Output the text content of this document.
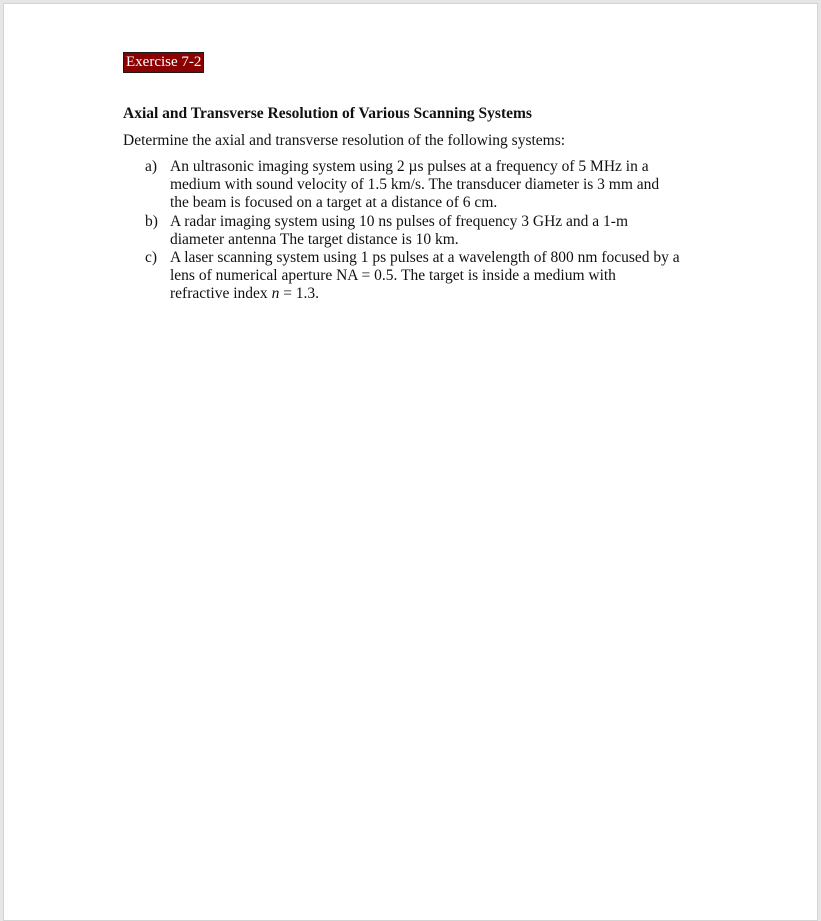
Exercise 7-2
Axial and Transverse Resolution of Various Scanning Systems
Determine the axial and transverse resolution of the following systems:
a) An ultrasonic imaging system using 2 µs pulses at a frequency of 5 MHz in a
medium with sound velocity of 1.5 km/s. The transducer diameter is 3 mm and
the beam is focused on a target at a distance of 6 cm.
b) A radar imaging system using 10 ns pulses of frequency 3 GHz and a 1-m
diameter antenna The target distance is 10 km.
c) A laser scanning system using 1 ps pulses at a wavelength of 800 nm focused by a
lens of numerical aperture NA = 0.5. The target is inside a medium with
refractive index n = 1.3.
